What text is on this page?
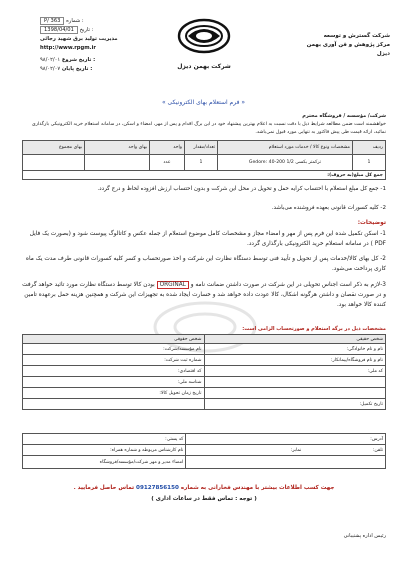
P/ 363 شماره :
1398/04/01 تاریخ :
مدیریت تولید برق شهید رجائی
http://www.rpgm.ir
۹۸/۰۲/۰۱ تاریخ شروع :
۹۸/۰۲/۰۷ تاریخ پایان :	شرکت بهمن دیزل
« فرم استعلام بهای الکترونیکی »
شرکت/ مؤسسه / فروشگاه محترم
خواهشمند است ضمن مطالعه شرایط ذیل با دقت نسبت به اعلام بهترین پیشنهاد خود در این برگ اقدام و پس از مهر، امضاء و اسکن، در سامانه استعلام خرید الکترونیکی بارگذاری نمائید، ارائه قیمت طی پیش فاکتور به تنهایی مورد قبول نمی‌باشد.
ردیف	مشخصات ونوع کالا / خدمات مورد استعلام	تعداد/مقدار	واحد	بهای واحد	بهای مجموع
1	ترکمتر بکسی 1/2 200-40 :Gedore	1	عدد		
جمع کل مبلغ(به حروف):					
1- جمع کل مبلغ استعلام با احتساب کرایه حمل و تحویل در محل این شرکت و بدون احتساب ارزش افزوده لحاظ و درج گردد.
2- کلیه کسورات قانونی بعهده فروشنده می‌باشد.
توضیحات:
1- اسکن تکمیل شده این فرم پس از مهر و امضاء مجاز و مشخصات کامل موضوع استعلام از جمله عکس و کاتالوگ پیوست شود و (بصورت یک فایل PDF ) در سامانه استعلام خرید الکترونیکی بارگذاری گردد.
2- کل بهای کالا/خدمات پس از تحویل و تأیید فنی توسط دستگاه نظارت این شرکت و اخذ صورتحساب و کسر کلیه کسورات قانونی طرف مدت یک ماه کاری پرداخت می‌شود.
3-لازم به ذکر است اجناس تحویلی در این شرکت در صورت داشتن ضمانت نامه و ORGINAL بودن کالا توسط دستگاه نظارت مورد تائید خواهد گرفت و در صورت نقصان و داشتن هرگونه اشکال، کالا عودت داده خواهد شد و خسارت ایجاد شده به تجهیزات این شرکت و همچنین هزینه حمل برعهده تامین کننده کالا خواهد بود.
مشخصات ذیل در برگه استعلام و صورتحساب الزامی است:
شخص حقیقی	شخص حقوقی
نام و نام خانوادگی:	نام مؤسسه/شرکت:
نام و نام فروشگاه/پیمانکار:	شماره ثبت شرکت:
کد ملی:	کد اقتصادی:
	شناسه ملی:
	تاریخ زمان تحویل کالا:
تاریخ تکمیل:	
آدرس:	کد پستی:
تلفن: نمابر:	نام کارشناس مربوطه و شماره همراه:
	امضاء مدیر و مهر شرکت/مؤسسه/فروشگاه
جهت کسب اطلاعات بیشتر با مهندس فخارانی به شماره 09127856150 تماس حاصل فرمایید .
( توجه : تماس فقط در ساعات اداری )
رئیس اداره پشتیبانی
شرکت گسترش و توسعه
مرکز پژوهش و فن آوری بهمن دیزل
